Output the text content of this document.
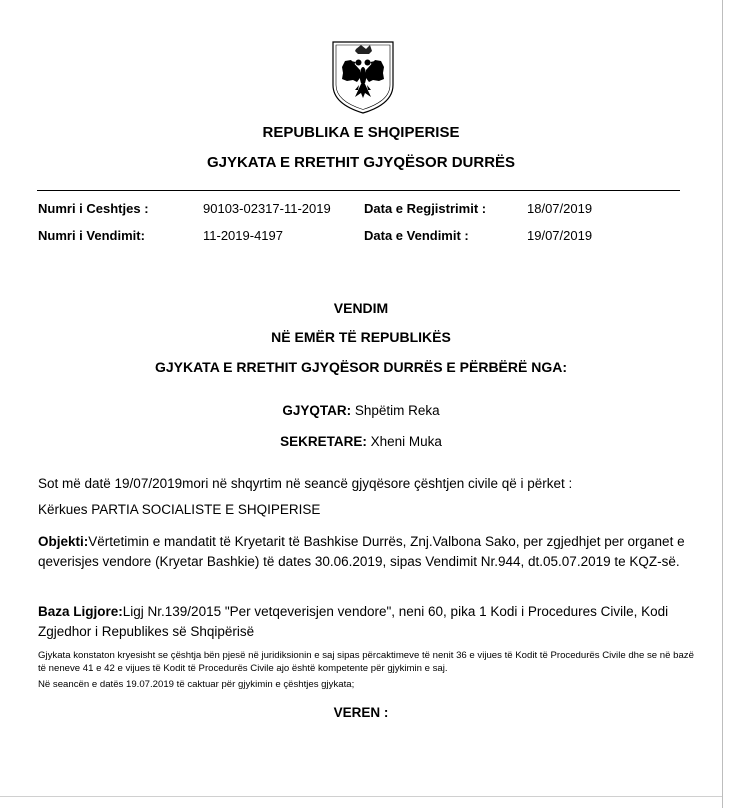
REPUBLIKA E SHQIPERISE
GJYKATA E RRETHIT GJYQËSOR DURRËS
Numri i Ceshtjes :	90103-02317-11-2019	Data e Regjistrimit :	18/07/2019
Numri i Vendimit:	11-2019-4197	Data e Vendimit :	19/07/2019
VENDIM
NË EMËR TË REPUBLIKËS
GJYKATA E RRETHIT GJYQËSOR DURRËS E PËRBËRË NGA:
GJYQTAR: Shpëtim Reka
SEKRETARE: Xheni Muka
Sot më datë 19/07/2019mori në shqyrtim në seancë gjyqësore çështjen civile që i përket :
Kërkues PARTIA SOCIALISTE E SHQIPERISE
Objekti:Vërtetimin e mandatit të Kryetarit të Bashkise Durrës, Znj.Valbona Sako, per zgjedhjet per organet e qeverisjes vendore (Kryetar Bashkie) të dates 30.06.2019, sipas Vendimit Nr.944, dt.05.07.2019 te KQZ-së.
Baza Ligjore:Ligj Nr.139/2015 "Per vetqeverisjen vendore", neni 60, pika 1 Kodi i Procedures Civile, Kodi Zgjedhor i Republikes së Shqipërisë
Gjykata konstaton kryesisht se çështja bën pjesë në juridiksionin e saj sipas përcaktimeve të nenit 36 e vijues të Kodit të Procedurës Civile dhe se në bazë të neneve 41 e 42 e vijues të Kodit të Procedurës Civile ajo është kompetente për gjykimin e saj.
Në seancën e datës 19.07.2019 të caktuar për gjykimin e çështjes gjykata;
VEREN :
